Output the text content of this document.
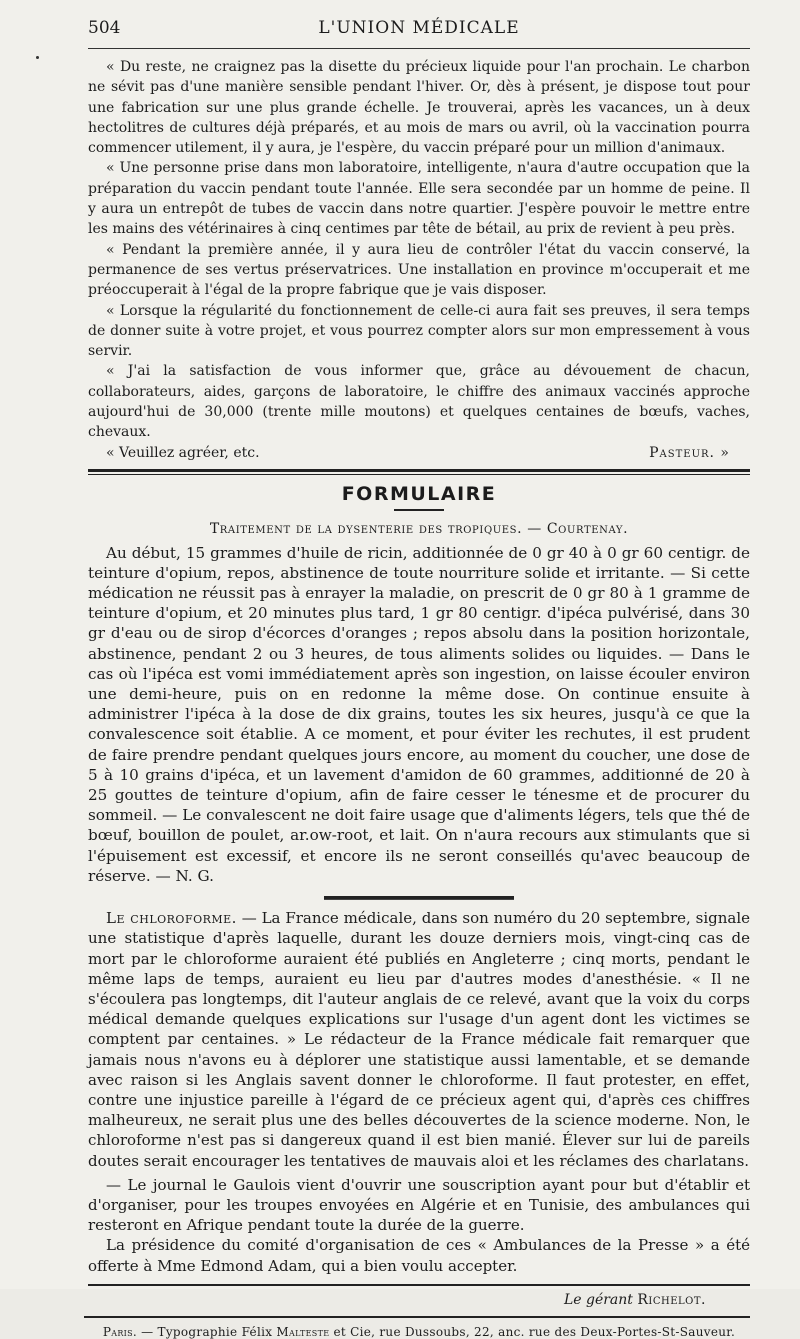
504	L'UNION MÉDICALE

« Du reste, ne craignez pas la disette du précieux liquide pour l'an prochain. Le charbon ne sévit pas d'une manière sensible pendant l'hiver. Or, dès à présent, je dispose tout pour une fabrication sur une plus grande échelle. Je trouverai, après les vacances, un à deux hectolitres de cultures déjà préparés, et au mois de mars ou avril, où la vaccination pourra commencer utilement, il y aura, je l'espère, du vaccin préparé pour un million d'animaux.

« Une personne prise dans mon laboratoire, intelligente, n'aura d'autre occupation que la préparation du vaccin pendant toute l'année. Elle sera secondée par un homme de peine. Il y aura un entrepôt de tubes de vaccin dans notre quartier. J'espère pouvoir le mettre entre les mains des vétérinaires à cinq centimes par tête de bétail, au prix de revient à peu près.

« Pendant la première année, il y aura lieu de contrôler l'état du vaccin conservé, la permanence de ses vertus préservatrices. Une installation en province m'occuperait et me préoccuperait à l'égal de la propre fabrique que je vais disposer.

« Lorsque la régularité du fonctionnement de celle-ci aura fait ses preuves, il sera temps de donner suite à votre projet, et vous pourrez compter alors sur mon empressement à vous servir.

« J'ai la satisfaction de vous informer que, grâce au dévouement de chacun, collaborateurs, aides, garçons de laboratoire, le chiffre des animaux vaccinés approche aujourd'hui de 30,000 (trente mille moutons) et quelques centaines de bœufs, vaches, chevaux.

« Veuillez agréer, etc.	Pasteur. »
FORMULAIRE
Traitement de la dysenterie des tropiques. — Courtenay.

Au début, 15 grammes d'huile de ricin, additionnée de 0 gr 40 à 0 gr 60 centigr. de teinture d'opium, repos, abstinence de toute nourriture solide et irritante. — Si cette médication ne réussit pas à enrayer la maladie, on prescrit de 0 gr 80 à 1 gramme de teinture d'opium, et 20 minutes plus tard, 1 gr 80 centigr. d'ipéca pulvérisé, dans 30 gr d'eau ou de sirop d'écorces d'oranges ; repos absolu dans la position horizontale, abstinence, pendant 2 ou 3 heures, de tous aliments solides ou liquides. — Dans le cas où l'ipéca est vomi immédiatement après son ingestion, on laisse écouler environ une demi-heure, puis on en redonne la même dose. On continue ensuite à administrer l'ipéca à la dose de dix grains, toutes les six heures, jusqu'à ce que la convalescence soit établie. A ce moment, et pour éviter les rechutes, il est prudent de faire prendre pendant quelques jours encore, au moment du coucher, une dose de 5 à 10 grains d'ipéca, et un lavement d'amidon de 60 grammes, additionné de 20 à 25 gouttes de teinture d'opium, afin de faire cesser le ténesme et de procurer du sommeil. — Le convalescent ne doit faire usage que d'aliments légers, tels que thé de bœuf, bouillon de poulet, ar.ow-root, et lait. On n'aura recours aux stimulants que si l'épuisement est excessif, et encore ils ne seront conseillés qu'avec beaucoup de réserve. — N. G.

Le chloroforme. — La France médicale, dans son numéro du 20 septembre, signale une statistique d'après laquelle, durant les douze derniers mois, vingt-cinq cas de mort par le chloroforme auraient été publiés en Angleterre ; cinq morts, pendant le même laps de temps, auraient eu lieu par d'autres modes d'anesthésie. « Il ne s'écoulera pas longtemps, dit l'auteur anglais de ce relevé, avant que la voix du corps médical demande quelques explications sur l'usage d'un agent dont les victimes se comptent par centaines. » Le rédacteur de la France médicale fait remarquer que jamais nous n'avons eu à déplorer une statistique aussi lamentable, et se demande avec raison si les Anglais savent donner le chloroforme. Il faut protester, en effet, contre une injustice pareille à l'égard de ce précieux agent qui, d'après ces chiffres malheureux, ne serait plus une des belles découvertes de la science moderne. Non, le chloroforme n'est pas si dangereux quand il est bien manié. Élever sur lui de pareils doutes serait encourager les tentatives de mauvais aloi et les réclames des charlatans.

— Le journal le Gaulois vient d'ouvrir une souscription ayant pour but d'établir et d'organiser, pour les troupes envoyées en Algérie et en Tunisie, des ambulances qui resteront en Afrique pendant toute la durée de la guerre.

La présidence du comité d'organisation de ces « Ambulances de la Presse » a été offerte à Mme Edmond Adam, qui a bien voulu accepter.

Le gérant Richelot.
Paris. — Typographie Félix Malteste et Cie, rue Dussoubs, 22, anc. rue des Deux-Portes-St-Sauveur.
